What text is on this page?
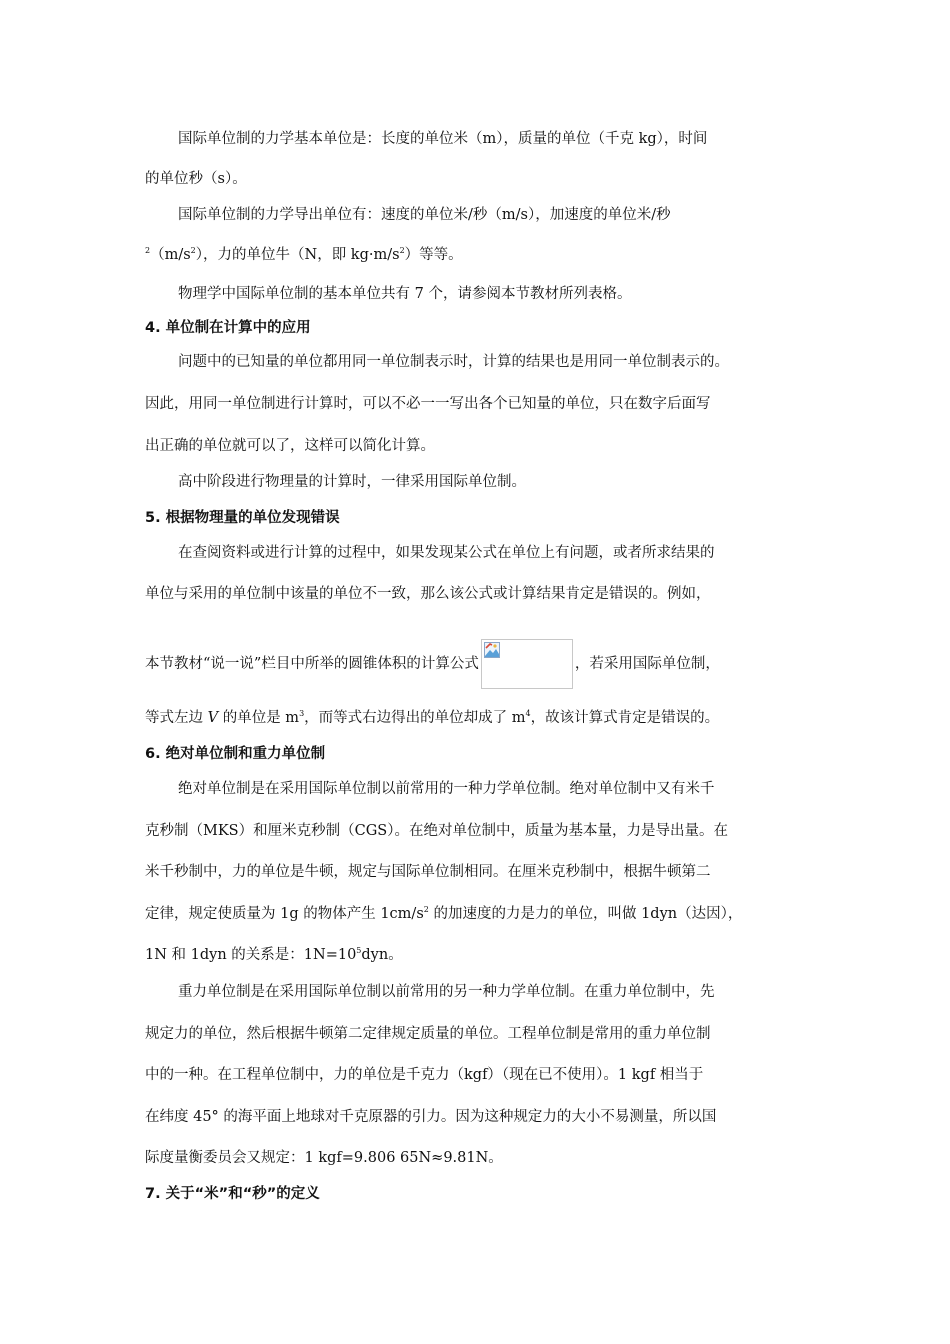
国际单位制的力学基本单位是：长度的单位米（m），质量的单位（千克 kg），时间
的单位秒（s）。
国际单位制的力学导出单位有：速度的单位米/秒（m/s），加速度的单位米/秒
$^2(m/s^2)$，力的单位牛（N，即 $kg\cdot m/s^2$）等等。
物理学中国际单位制的基本单位共有 7 个，请参阅本节教材所列表格。
4. 单位制在计算中的应用
问题中的已知量的单位都用同一单位制表示时，计算的结果也是用同一单位制表示的。
因此，用同一单位制进行计算时，可以不必一一写出各个已知量的单位，只在数字后面写
出正确的单位就可以了，这样可以简化计算。
高中阶段进行物理量的计算时，一律采用国际单位制。
5. 根据物理量的单位发现错误
在查阅资料或进行计算的过程中，如果发现某公式在单位上有问题，或者所求结果的
单位与采用的单位制中该量的单位不一致，那么该公式或计算结果肯定是错误的。例如，
本节教材“说一说”栏目中所举的圆锥体积的计算公式	，若采用国际单位制，
等式左边 V 的单位是 $m^3$，而等式右边得出的单位却成了 $m^4$，故该计算式肯定是错误的。
6. 绝对单位制和重力单位制
绝对单位制是在采用国际单位制以前常用的一种力学单位制。绝对单位制中又有米千
克秒制（MKS）和厘米克秒制（CGS）。在绝对单位制中，质量为基本量，力是导出量。在
米千秒制中，力的单位是牛顿，规定与国际单位制相同。在厘米克秒制中，根据牛顿第二
定律，规定使质量为 1g 的物体产生 $1cm/s^2$ 的加速度的力是力的单位，叫做 1dyn（达因），
1N 和 1dyn 的关系是：$1N=10^5dyn$。
重力单位制是在采用国际单位制以前常用的另一种力学单位制。在重力单位制中，先
规定力的单位，然后根据牛顿第二定律规定质量的单位。工程单位制是常用的重力单位制
中的一种。在工程单位制中，力的单位是千克力（kgf）（现在已不使用）。1 kgf 相当于
在纬度 45° 的海平面上地球对千克原器的引力。因为这种规定力的大小不易测量，所以国
际度量衡委员会又规定：1 kgf=9.806 65N≈9.81N。
7. 关于“米”和“秒”的定义
